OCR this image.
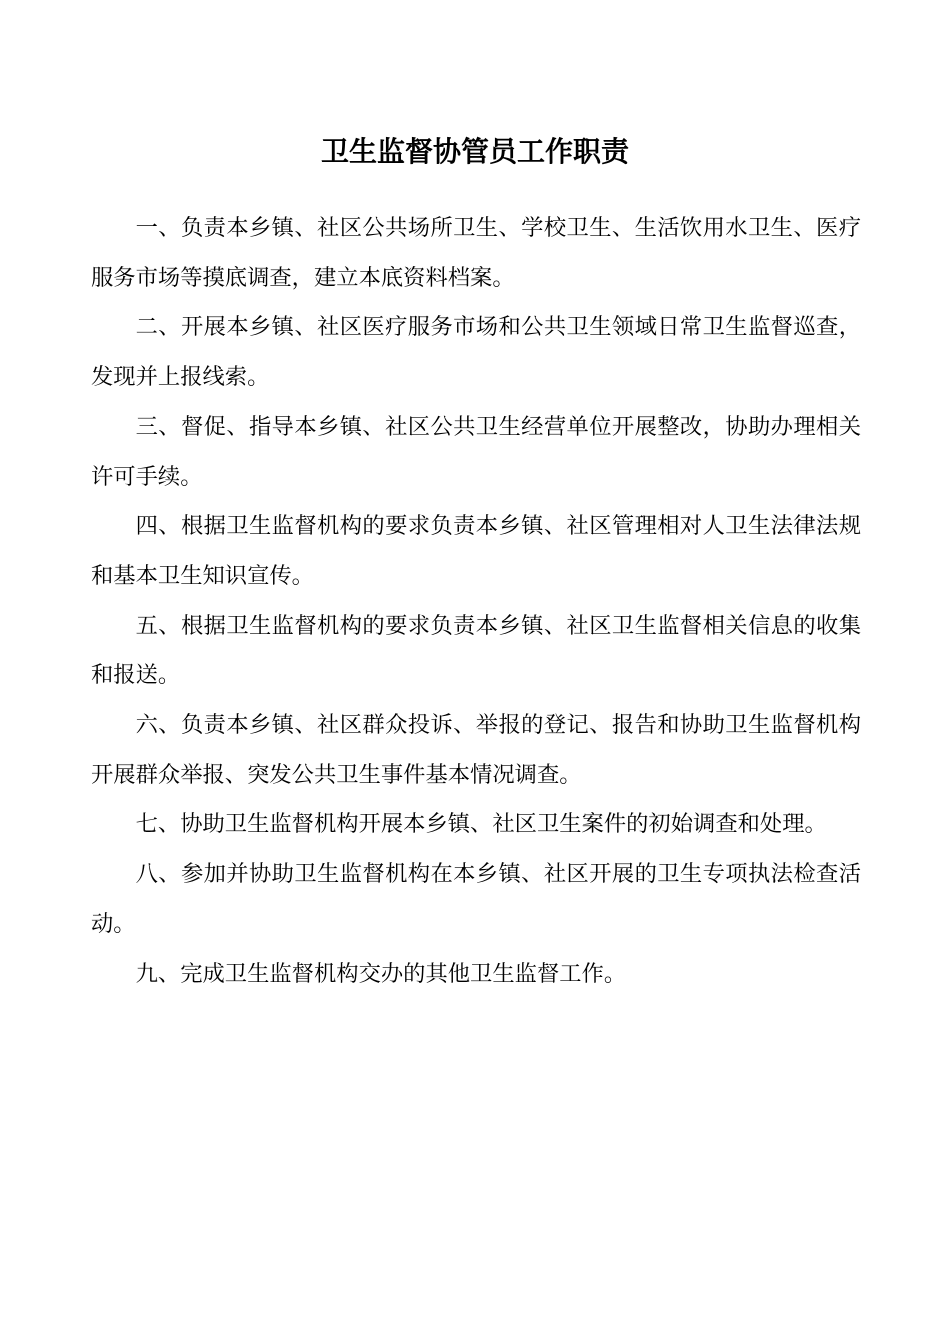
卫生监督协管员工作职责

一、负责本乡镇、社区公共场所卫生、学校卫生、生活饮用水卫生、医疗服务市场等摸底调查，建立本底资料档案。

二、开展本乡镇、社区医疗服务市场和公共卫生领域日常卫生监督巡查，发现并上报线索。

三、督促、指导本乡镇、社区公共卫生经营单位开展整改，协助办理相关许可手续。

四、根据卫生监督机构的要求负责本乡镇、社区管理相对人卫生法律法规和基本卫生知识宣传。

五、根据卫生监督机构的要求负责本乡镇、社区卫生监督相关信息的收集和报送。

六、负责本乡镇、社区群众投诉、举报的登记、报告和协助卫生监督机构开展群众举报、突发公共卫生事件基本情况调查。

七、协助卫生监督机构开展本乡镇、社区卫生案件的初始调查和处理。

八、参加并协助卫生监督机构在本乡镇、社区开展的卫生专项执法检查活动。

九、完成卫生监督机构交办的其他卫生监督工作。
